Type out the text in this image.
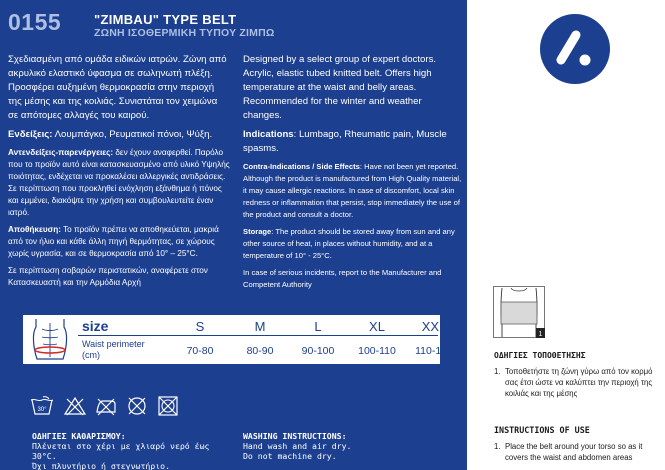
0155	"ZIMBAU" TYPE BELT
ΖΩΝΗ ΙΣΟΘΕΡΜΙΚΗ ΤΥΠΟΥ ΖΙΜΠΩ

Σχεδιασμένη από ομάδα ειδικών ιατρών. Ζώνη από ακρυλικό ελαστικό ύφασμα σε σωληνωτή πλέξη. Προσφέρει αυξημένη θερμοκρασία στην περιοχή της μέσης και της κοιλιάς. Συνιστάται τον χειμώνα σε απότομες αλλαγές του καιρού.

Ενδείξεις: Λουμπάγκο, Ρευματικοί πόνοι, Ψύξη.

Αντενδείξεις-παρενέργειες: δεν έχουν αναφερθεί. Παρόλο που το προϊόν αυτό είναι κατασκευασμένο από υλικό Υψηλής ποιότητας, ενδέχεται να προκαλέσει αλλεργικές αντιδράσεις. Σε περίπτωση που προκληθεί ενόχληση εξάνθημα ή πόνος και εμμένει, διακόψτε την χρήση και συμβουλευτείτε έναν ιατρό.

Αποθήκευση: Το προϊόν πρέπει να αποθηκεύεται, μακριά από τον ήλιο και κάθε άλλη πηγή θερμότητας, σε χώρους χωρίς υγρασία, και σε θερμοκρασία από 10° – 25°C.

Σε περίπτωση σοβαρών περιστατικών, αναφέρετε στον Κατασκευαστή και την Αρμόδια Αρχή

Designed by a select group of expert doctors. Acrylic, elastic tubed knitted belt. Offers high temperature at the waist and belly areas. Recommended for the winter and weather changes.

Indications: Lumbago, Rheumatic pain, Muscle spasms.

Contra-Indications / Side Effects: Have not been yet reported. Although the product is manufactured from High Quality material, it may cause allergic reactions. In case of discomfort, local skin redness or inflammation that persist, stop immediately the use of the product and consult a doctor.

Storage: The product should be stored away from sun and any other source of heat, in places without humidity, and at a temperature of 10° - 25°C.

In case of serious incidents, report to the Manufacturer and Competent Authority

size	S	M	L	XL	XXL
Waist perimeter
(cm)	70-80	80-90	90-100	100-110	110-120
30°
ΟΔΗΓΙΕΣ ΚΑΘΑΡΙΣΜΟΥ:
Πλένεται στο χέρι με χλιαρό νερό έως 30°C.
Όχι πλυντήριο ή στεγνωτήριο.
WASHING INSTRUCTIONS:
Hand wash and air dry.
Do not machine dry.
1
ΟΔΗΓΙΕΣ ΤΟΠΟΘΕΤΗΣΗΣ
1. Τοποθετήστε τη ζώνη γύρω από τον κορμό σας έτσι ώστε να καλύπτει την περιοχή της κοιλιάς και της μέσης
INSTRUCTIONS OF USE
1. Place the belt around your torso so as it covers the waist and abdomen areas
